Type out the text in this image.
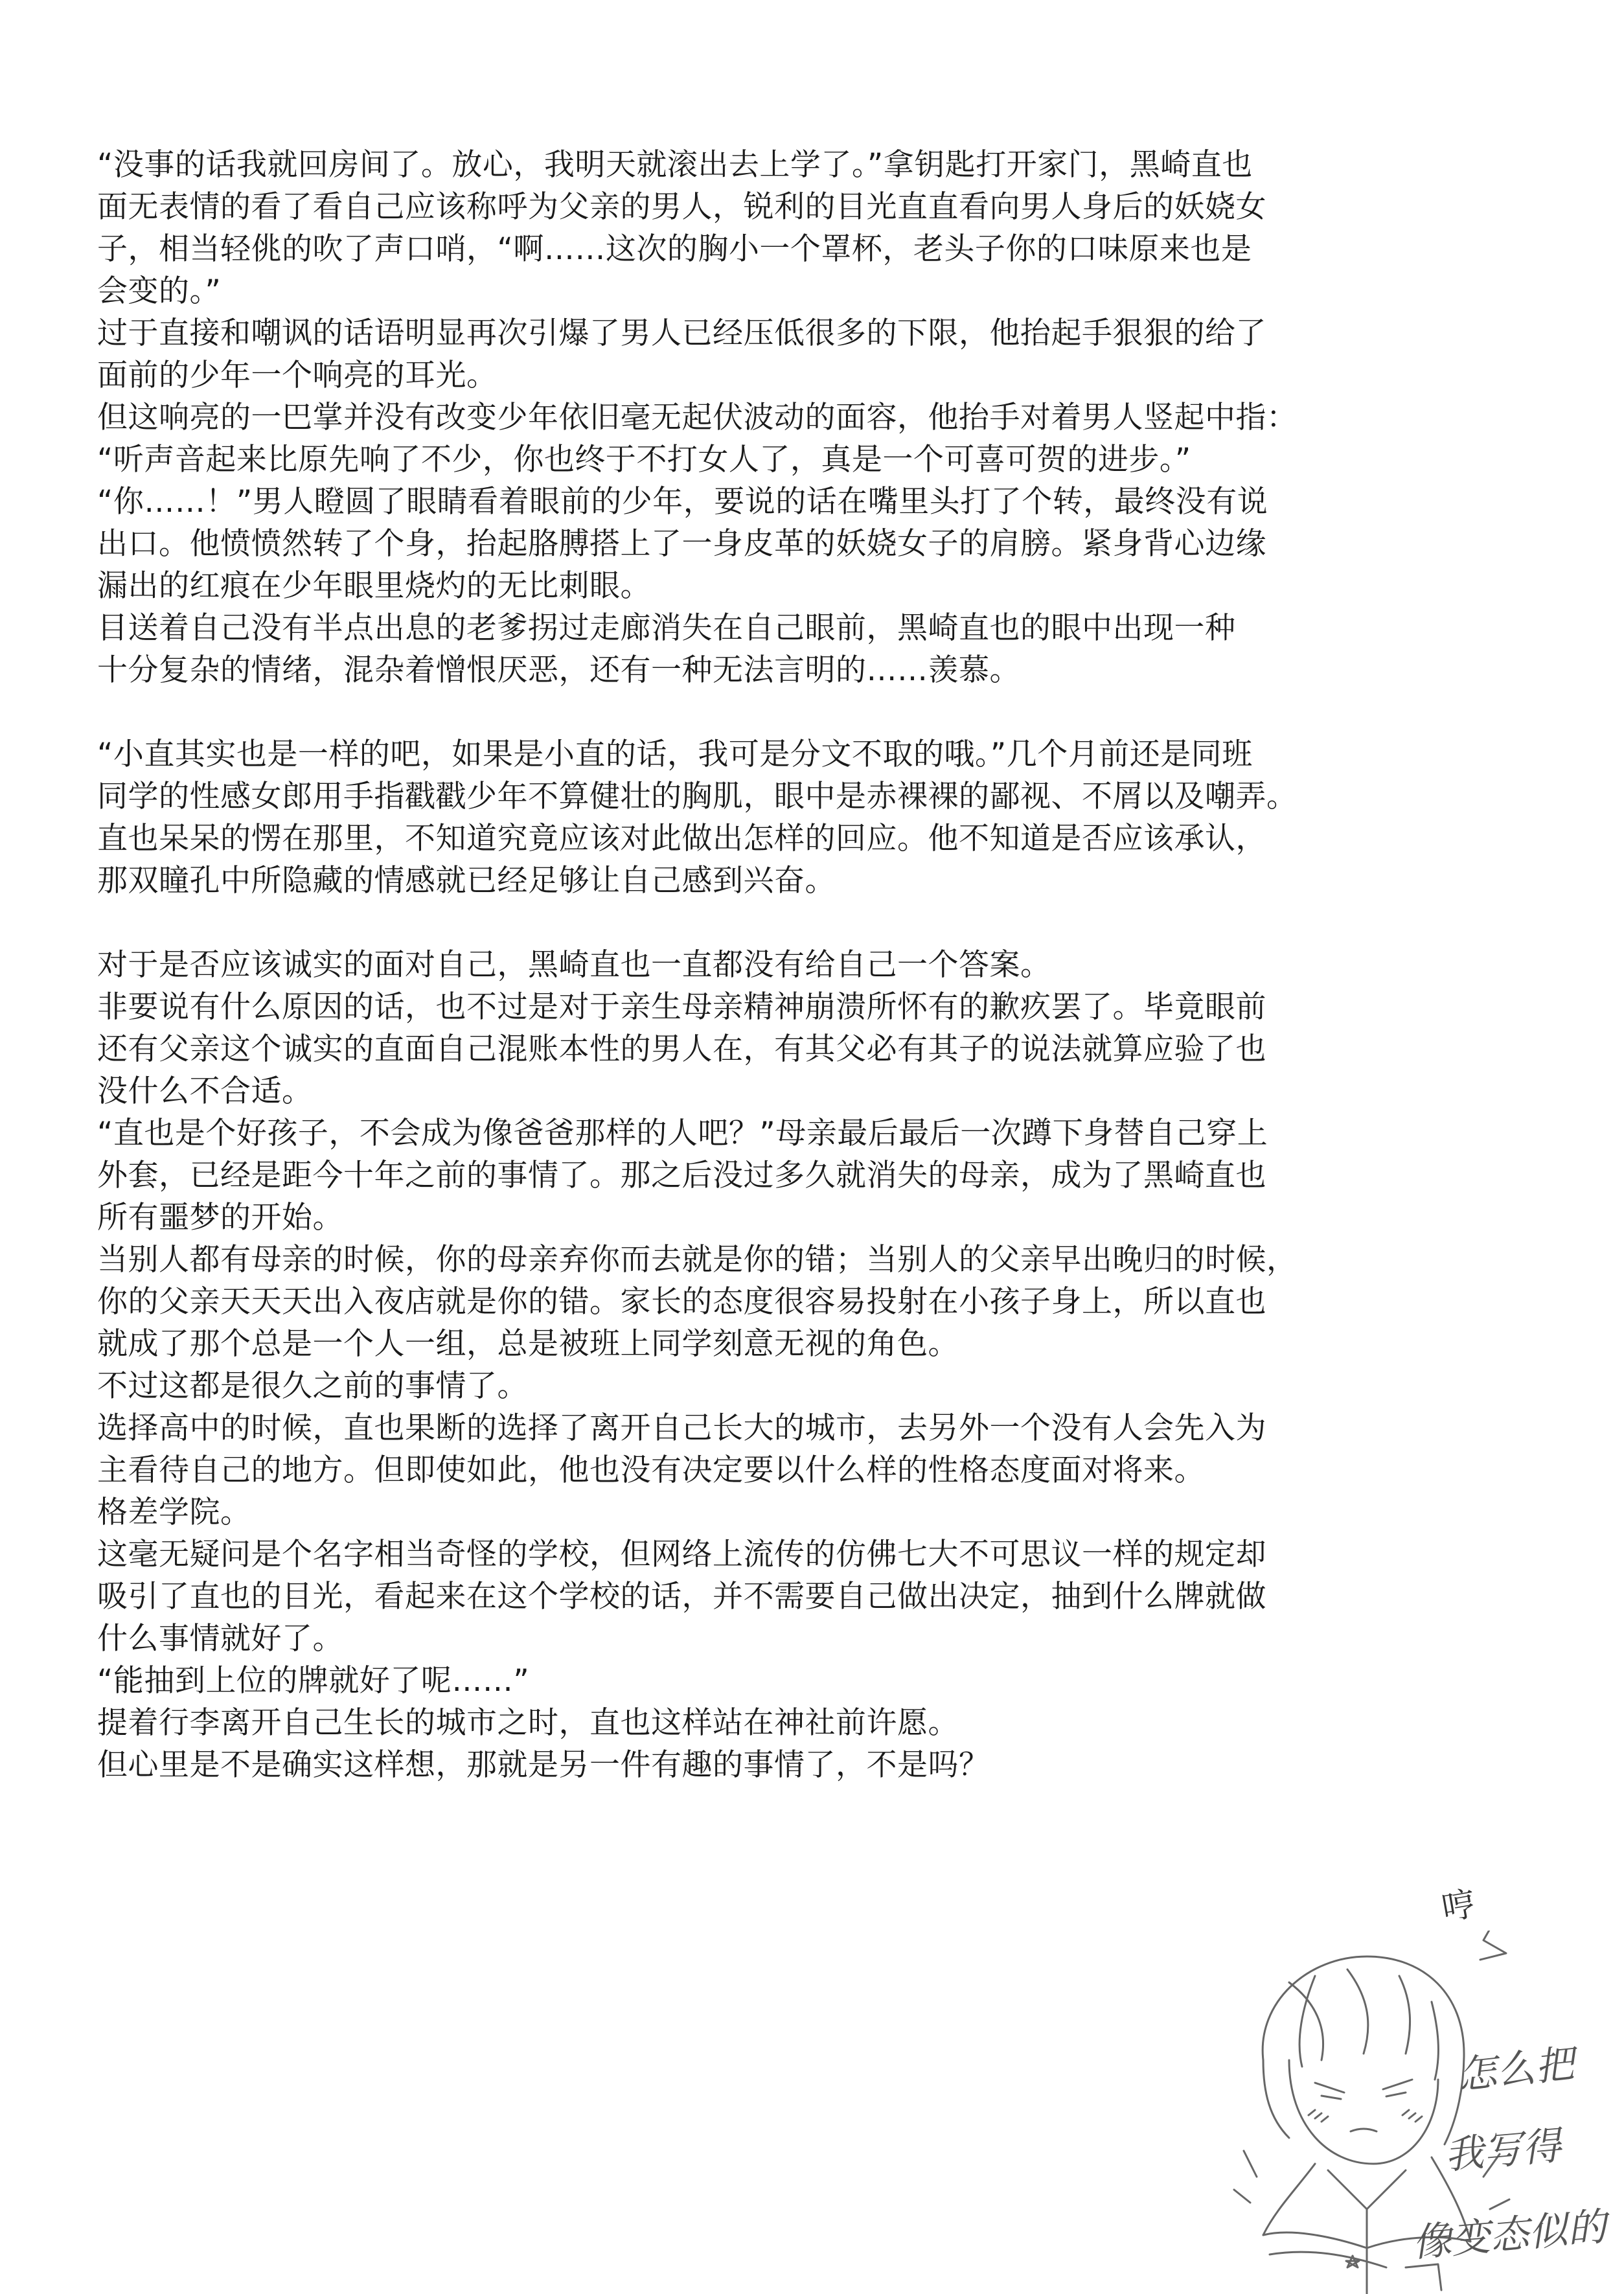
“没事的话我就回房间了。放心，我明天就滚出去上学了。”拿钥匙打开家门，黑崎直也
面无表情的看了看自己应该称呼为父亲的男人，锐利的目光直直看向男人身后的妖娆女
子，相当轻佻的吹了声口哨，“啊……这次的胸小一个罩杯，老头子你的口味原来也是
会变的。”
过于直接和嘲讽的话语明显再次引爆了男人已经压低很多的下限，他抬起手狠狠的给了
面前的少年一个响亮的耳光。
但这响亮的一巴掌并没有改变少年依旧毫无起伏波动的面容，他抬手对着男人竖起中指：
“听声音起来比原先响了不少，你也终于不打女人了，真是一个可喜可贺的进步。”
“你……！”男人瞪圆了眼睛看着眼前的少年，要说的话在嘴里头打了个转，最终没有说
出口。他愤愤然转了个身，抬起胳膊搭上了一身皮革的妖娆女子的肩膀。紧身背心边缘
漏出的红痕在少年眼里烧灼的无比刺眼。
目送着自己没有半点出息的老爹拐过走廊消失在自己眼前，黑崎直也的眼中出现一种
十分复杂的情绪，混杂着憎恨厌恶，还有一种无法言明的……羡慕。
“小直其实也是一样的吧，如果是小直的话，我可是分文不取的哦。”几个月前还是同班
同学的性感女郎用手指戳戳少年不算健壮的胸肌，眼中是赤裸裸的鄙视、不屑以及嘲弄。
直也呆呆的愣在那里，不知道究竟应该对此做出怎样的回应。他不知道是否应该承认，
那双瞳孔中所隐藏的情感就已经足够让自己感到兴奋。
对于是否应该诚实的面对自己，黑崎直也一直都没有给自己一个答案。
非要说有什么原因的话，也不过是对于亲生母亲精神崩溃所怀有的歉疚罢了。毕竟眼前
还有父亲这个诚实的直面自己混账本性的男人在，有其父必有其子的说法就算应验了也
没什么不合适。
“直也是个好孩子，不会成为像爸爸那样的人吧？”母亲最后最后一次蹲下身替自己穿上
外套，已经是距今十年之前的事情了。那之后没过多久就消失的母亲，成为了黑崎直也
所有噩梦的开始。
当别人都有母亲的时候，你的母亲弃你而去就是你的错；当别人的父亲早出晚归的时候，
你的父亲天天天出入夜店就是你的错。家长的态度很容易投射在小孩子身上，所以直也
就成了那个总是一个人一组，总是被班上同学刻意无视的角色。
不过这都是很久之前的事情了。
选择高中的时候，直也果断的选择了离开自己长大的城市，去另外一个没有人会先入为
主看待自己的地方。但即使如此，他也没有决定要以什么样的性格态度面对将来。
格差学院。
这毫无疑问是个名字相当奇怪的学校，但网络上流传的仿佛七大不可思议一样的规定却
吸引了直也的目光，看起来在这个学校的话，并不需要自己做出决定，抽到什么牌就做
什么事情就好了。
“能抽到上位的牌就好了呢……”
提着行李离开自己生长的城市之时，直也这样站在神社前许愿。
但心里是不是确实这样想，那就是另一件有趣的事情了，不是吗？
哼
怎么把
我写得
像变态似的
